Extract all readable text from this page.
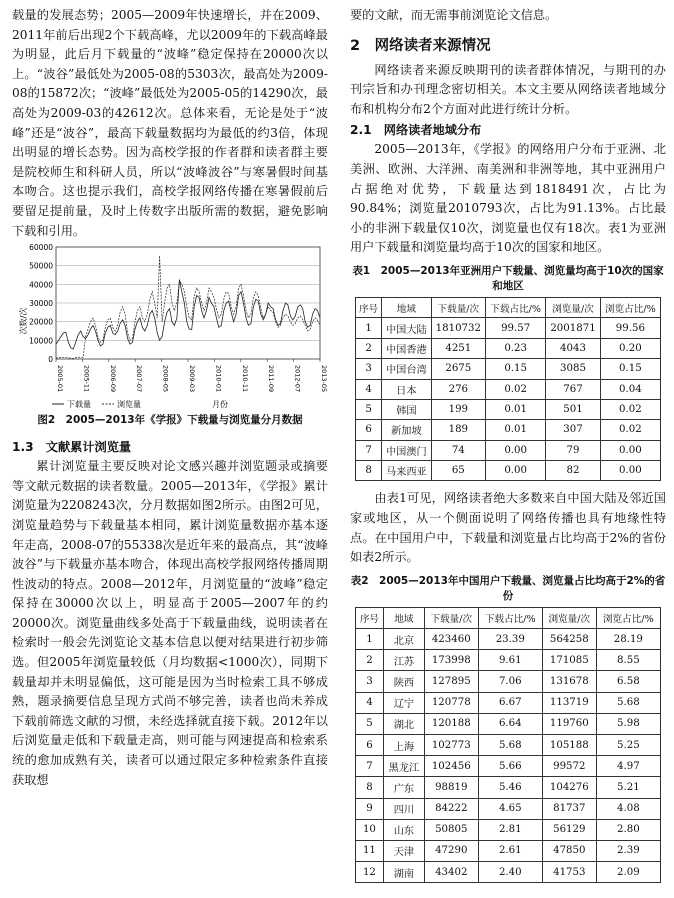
载量的发展态势；2005—2009年快速增长，并在2009、2011年前后出现2个下载高峰，尤以2009年的下载高峰最为明显，此后月下载量的“波峰”稳定保持在20000次以上。“波谷”最低处为2005-08的5303次，最高处为2009-08的15872次；“波峰”最低处为2005-05的14290次，最高处为2009-03的42612次。总体来看，无论是处于“波峰”还是“波谷”，最高下载量数据均为最低的约3倍，体现出明显的增长态势。因为高校学报的作者群和读者群主要是院校师生和科研人员，所以“波峰波谷”与寒暑假时间基本吻合。这也提示我们，高校学报网络传播在寒暑假前后要留足提前量，及时上传数字出版所需的数据，避免影响下载和引用。

0
10000
20000
30000
40000
50000
60000
2005-01	2005-11	2006-09	2007-07	2008-05	2009-03	2010-01	2010-11	2011-09	2012-07	2013-05
次数/次
下载量	浏览量	月份
图2　2005—2013年《学报》下载量与浏览量分月数据
1.3　文献累计浏览量

累计浏览量主要反映对论文感兴趣并浏览题录或摘要等文献元数据的读者数量。2005—2013年，《学报》累计浏览量为2208243次，分月数据如图2所示。由图2可见，浏览量趋势与下载量基本相同，累计浏览量数据亦基本逐年走高，2008-07的55338次是近年来的最高点，其“波峰波谷”与下载量亦基本吻合，体现出高校学报网络传播周期性波动的特点。2008—2012年，月浏览量的“波峰”稳定保持在30000次以上，明显高于2005—2007年的约20000次。浏览量曲线多处高于下载量曲线，说明读者在检索时一般会先浏览论文基本信息以便对结果进行初步筛选。但2005年浏览量较低（月均数据<1000次），同期下载量却并未明显偏低，这可能是因为当时检索工具不够成熟，题录摘要信息呈现方式尚不够完善，读者也尚未养成下载前筛选文献的习惯，未经选择就直接下载。2012年以后浏览量走低和下载量走高，则可能与网速提高和检索系统的愈加成熟有关，读者可以通过限定多种检索条件直接获取想

要的文献，而无需事前浏览论文信息。

2　网络读者来源情况

网络读者来源反映期刊的读者群体情况，与期刊的办刊宗旨和办刊理念密切相关。本文主要从网络读者地域分布和机构分布2个方面对此进行统计分析。

2.1　网络读者地域分布

2005—2013年，《学报》的网络用户分布于亚洲、北美洲、欧洲、大洋洲、南美洲和非洲等地，其中亚洲用户占据绝对优势，下载量达到1818491次，占比为90.84%；浏览量2010793次，占比为91.13%。占比最小的非洲下载量仅10次，浏览量也仅有18次。表1为亚洲用户下载量和浏览量均高于10次的国家和地区。

表1　2005—2013年亚洲用户下载量、浏览量均高于10次的国家和地区
序号	地域	下载量/次	下载占比/%	浏览量/次	浏览占比/%
1	中国大陆	1810732	99.57	2001871	99.56
2	中国香港	4251	0.23	4043	0.20
3	中国台湾	2675	0.15	3085	0.15
4	日本	276	0.02	767	0.04
5	韩国	199	0.01	501	0.02
6	新加坡	189	0.01	307	0.02
7	中国澳门	74	0.00	79	0.00
8	马来西亚	65	0.00	82	0.00

由表1可见，网络读者绝大多数来自中国大陆及邻近国家或地区，从一个侧面说明了网络传播也具有地缘性特点。在中国用户中，下载量和浏览量占比均高于2%的省份如表2所示。

表2　2005—2013年中国用户下载量、浏览量占比均高于2%的省份
序号	地域	下载量/次	下载占比/%	浏览量/次	浏览占比/%
1	北京	423460	23.39	564258	28.19
2	江苏	173998	9.61	171085	8.55
3	陕西	127895	7.06	131678	6.58
4	辽宁	120778	6.67	113719	5.68
5	湖北	120188	6.64	119760	5.98
6	上海	102773	5.68	105188	5.25
7	黑龙江	102456	5.66	99572	4.97
8	广东	98819	5.46	104276	5.21
9	四川	84222	4.65	81737	4.08
10	山东	50805	2.81	56129	2.80
11	天津	47290	2.61	47850	2.39
12	湖南	43402	2.40	41753	2.09
